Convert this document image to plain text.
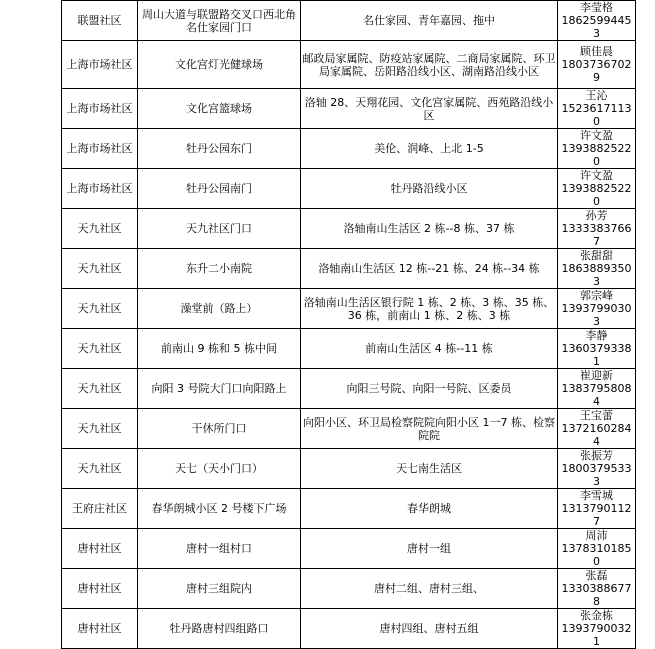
联盟社区	周山大道与联盟路交叉口西北角名仕家园门口	名仕家园、青年嘉园、拖中	李莹格
18625994453

上海市场社区	文化宫灯光健球场	邮政局家属院、防疫站家属院、二商局家属院、环卫局家属院、岳阳路沿线小区、湖南路沿线小区	顾佳晨
18037367029

上海市场社区	文化宫篮球场	洛轴 28、天翔花园、文化宫家属院、西苑路沿线小区	王沁
15236171130

上海市场社区	牡丹公园东门	美伦、润峰、上北 1-5	许文盈
13938825220

上海市场社区	牡丹公园南门	牡丹路沿线小区	许文盈
13938825220

天九社区	天九社区门口	洛轴南山生活区 2 栋--8 栋、37 栋	孙芳
13333837667

天九社区	东升二小南院	洛轴南山生活区 12 栋--21 栋、24 栋--34 栋	张甜甜
18638893503

天九社区	澡堂前（路上）	洛轴南山生活区银行院 1 栋、2 栋、3 栋、35 栋、36 栋，前南山 1 栋、2 栋、3 栋	郭宗峰
13937990303

天九社区	前南山 9 栋和 5 栋中间	前南山生活区 4 栋--11 栋	李静
13603793381

天九社区	向阳 3 号院大门口向阳路上	向阳三号院、向阳一号院、区委员	崔迎新
13837958084

天九社区	干休所门口	向阳小区、环卫局检察院院向阳小区 1一7 栋、检察院院	王宝蕾
13721602844

天九社区	天七（天小门口）	天七南生活区	张振芳
18003795333

王府庄社区	春华朗城小区 2 号楼下广场	春华朗城	李雪城
13137901127

唐村社区	唐村一组村口	唐村一组	周沛
13783101850

唐村社区	唐村三组院内	唐村二组、唐村三组、	张磊
13303886778

唐村社区	牡丹路唐村四组路口	唐村四组、唐村五组	张金栋
13937900321
